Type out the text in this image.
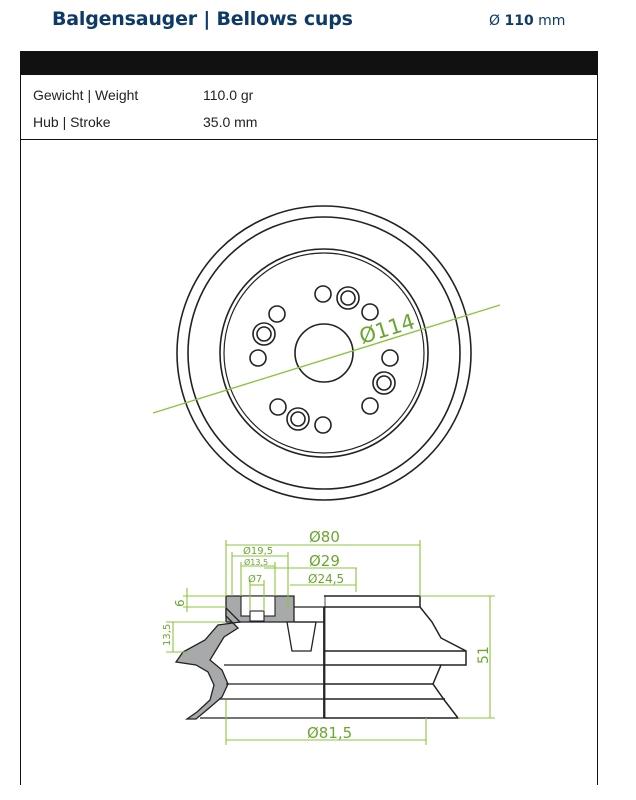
Balgensauger | Bellows cups	Ø 110 mm
Gewicht | Weight	110.0 gr
Hub | Stroke	35.0 mm
Ø114
Ø80
Ø19,5
Ø13,5
Ø7
Ø29
Ø24,5
6
13,5
51
Ø81,5
